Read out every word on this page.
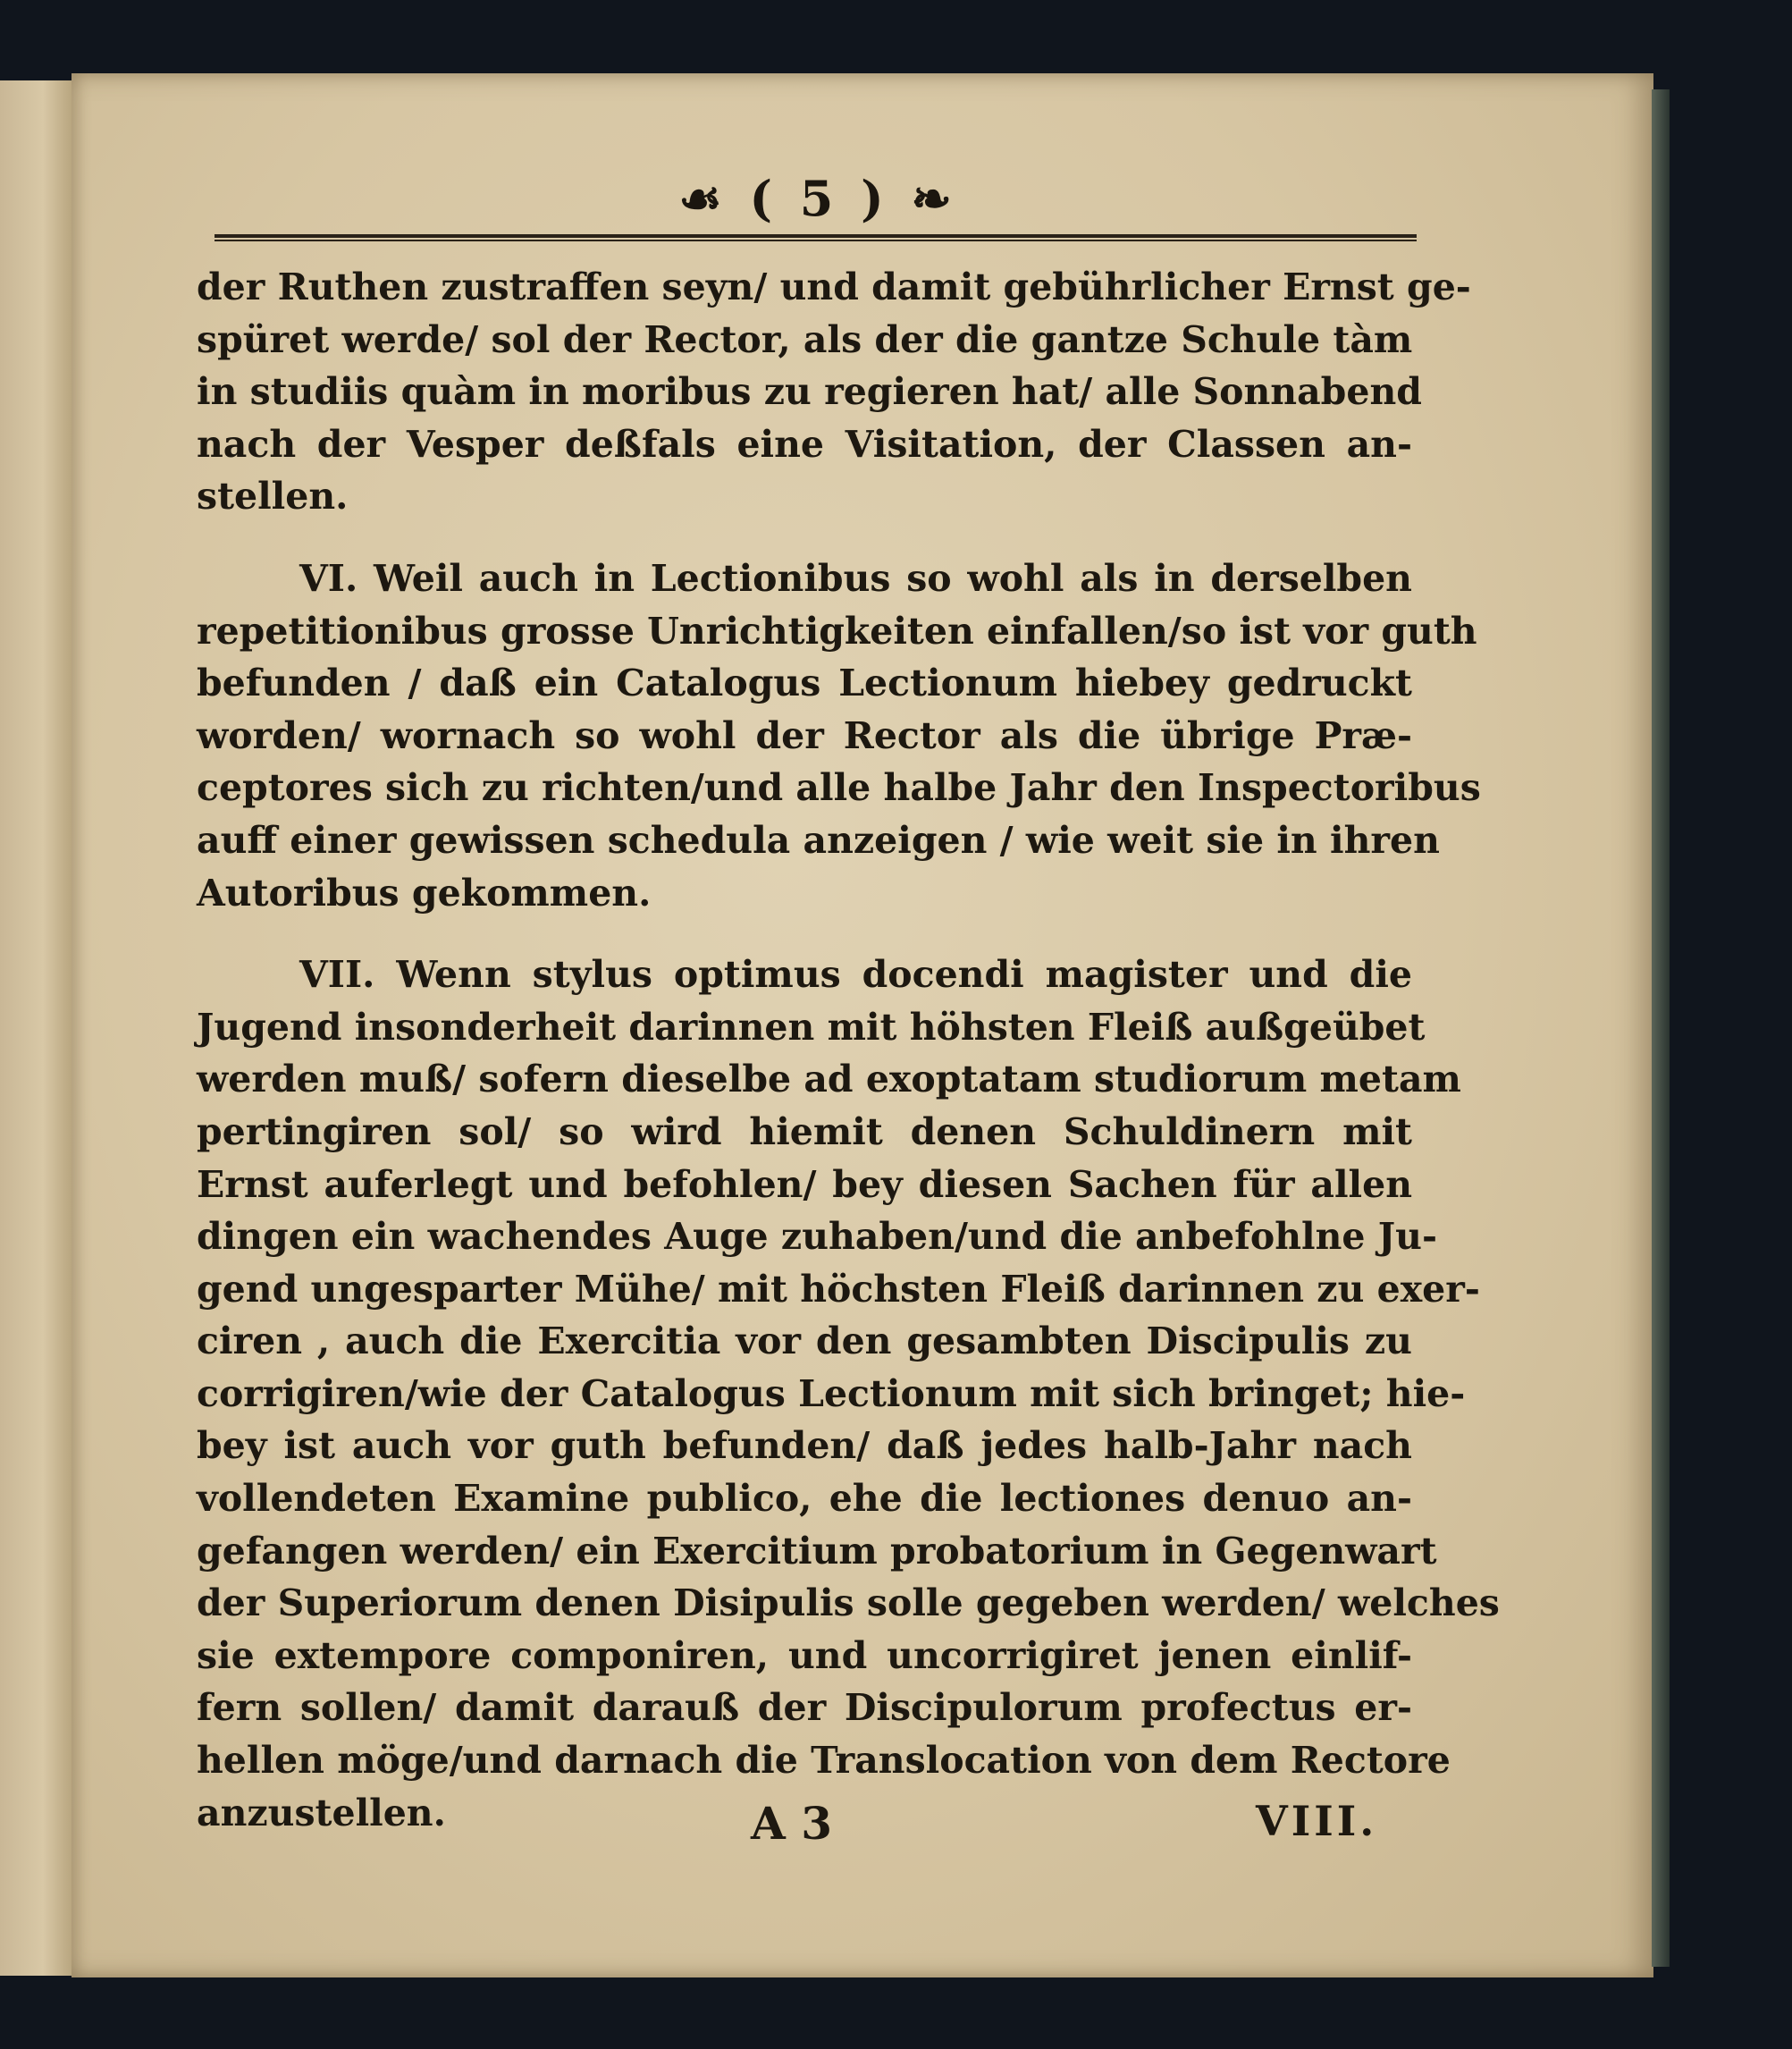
☙ ( 5 ) ❧
der Ruthen zustraffen seyn/ und damit gebührlicher Ernst ge-
spüret werde/ sol der Rector, als der die gantze Schule tàm
in studiis quàm in moribus zu regieren hat/ alle Sonnabend
nach der Vesper deßfals eine Visitation, der Classen an-
stellen.
VI. Weil auch in Lectionibus so wohl als in derselben
repetitionibus grosse Unrichtigkeiten einfallen/so ist vor guth
befunden / daß ein Catalogus Lectionum hiebey gedruckt
worden/ wornach so wohl der Rector als die übrige Præ-
ceptores sich zu richten/und alle halbe Jahr den Inspectoribus
auff einer gewissen schedula anzeigen / wie weit sie in ihren
Autoribus gekommen.
VII. Wenn stylus optimus docendi magister und die
Jugend insonderheit darinnen mit höhsten Fleiß außgeübet
werden muß/ sofern dieselbe ad exoptatam studiorum metam
pertingiren sol/ so wird hiemit denen Schuldinern mit
Ernst auferlegt und befohlen/ bey diesen Sachen für allen
dingen ein wachendes Auge zuhaben/und die anbefohlne Ju-
gend ungesparter Mühe/ mit höchsten Fleiß darinnen zu exer-
ciren , auch die Exercitia vor den gesambten Discipulis zu
corrigiren/wie der Catalogus Lectionum mit sich bringet; hie-
bey ist auch vor guth befunden/ daß jedes halb-Jahr nach
vollendeten Examine publico, ehe die lectiones denuo an-
gefangen werden/ ein Exercitium probatorium in Gegenwart
der Superiorum denen Disipulis solle gegeben werden/ welches
sie extempore componiren, und uncorrigiret jenen einlif-
fern sollen/ damit darauß der Discipulorum profectus er-
hellen möge/und darnach die Translocation von dem Rectore
anzustellen.	A 3	VIII.
